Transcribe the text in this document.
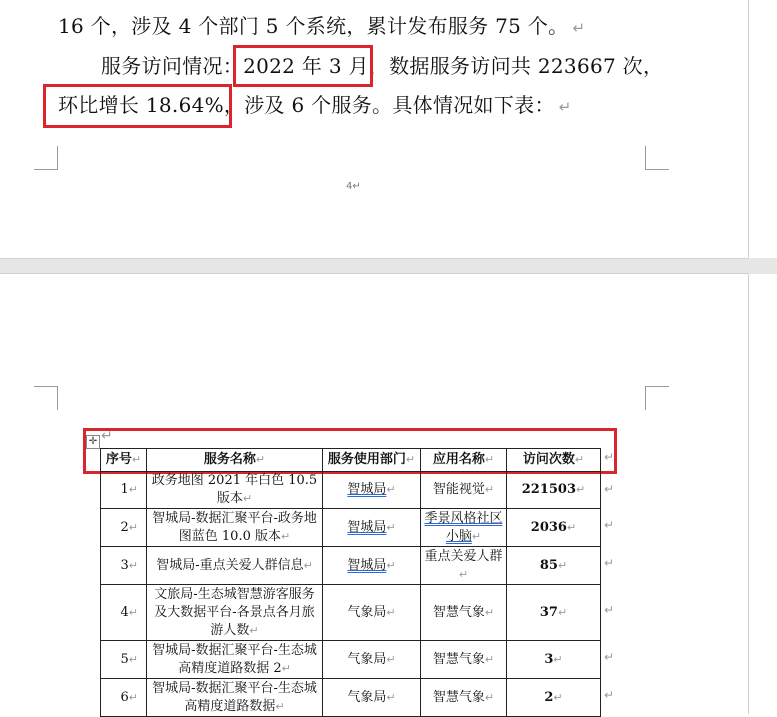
16 个，涉及 4 个部门 5 个系统，累计发布服务 75 个。 ↵
服务访问情况：2022 年 3 月，数据服务访问共 223667 次，
环比增长 18.64%，涉及 6 个服务。具体情况如下表： ↵
4↵
✛ ↵
序号↵	服务名称↵	服务使用部门↵	应用名称↵	访问次数↵
1↵	政务地图 2021 年白色 10.5 版本↵	智城局↵	智能视觉↵	221503↵
2↵	智城局-数据汇聚平台-政务地图蓝色 10.0 版本↵	智城局↵	季景风格社区小脑↵	2036↵
3↵	智城局-重点关爱人群信息↵	智城局↵	重点关爱人群↵	85↵
4↵	文旅局-生态城智慧游客服务及大数据平台-各景点各月旅游人数↵	气象局↵	智慧气象↵	37↵
5↵	智城局-数据汇聚平台-生态城高精度道路数据 2↵	气象局↵	智慧气象↵	3↵
6↵	智城局-数据汇聚平台-生态城高精度道路数据↵	气象局↵	智慧气象↵	2↵
↵
↵
↵
↵
↵
↵
↵
